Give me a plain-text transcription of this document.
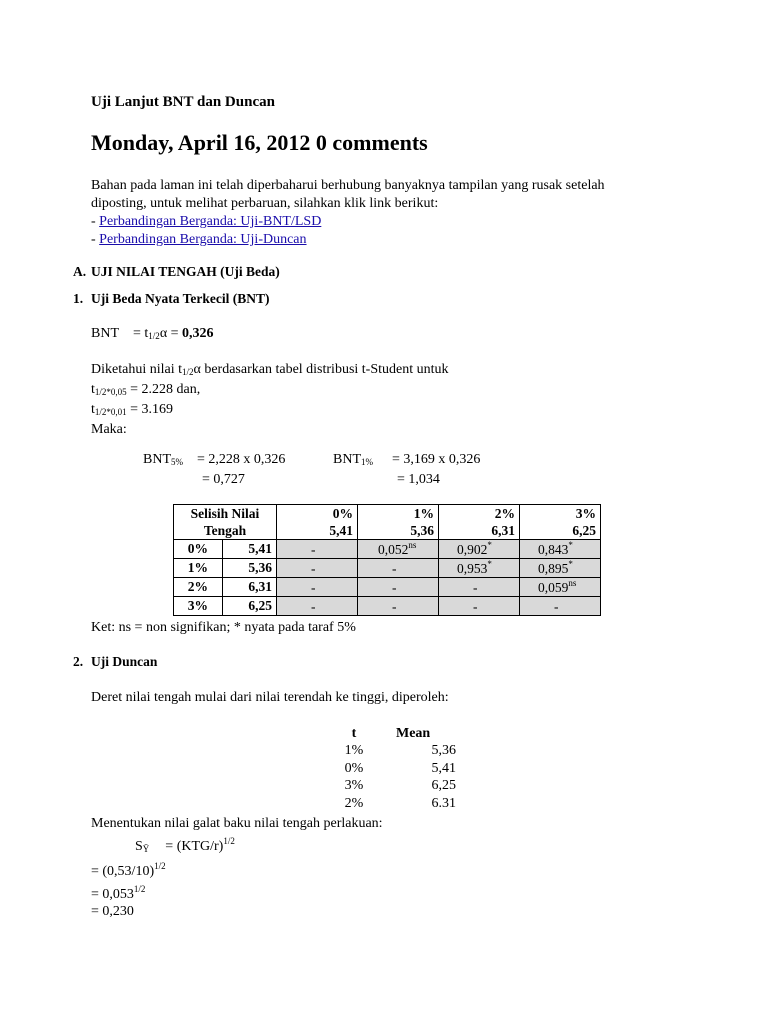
Uji Lanjut BNT dan Duncan
Monday, April 16, 2012 0 comments
Bahan pada laman ini telah diperbaharui berhubung banyaknya tampilan yang rusak setelah
diposting, untuk melihat perbaruan, silahkan klik link berikut:
- Perbandingan Berganda: Uji-BNT/LSD
- Perbandingan Berganda: Uji-Duncan
A. UJI NILAI TENGAH (Uji Beda)
1. Uji Beda Nyata Terkecil (BNT)
BNT = $t_{1/2}\alpha = 0,326$
Diketahui nilai $t_{1/2}\alpha$ berdasarkan tabel distribusi t-Student untuk
$t_{1/2*0,05} = 2.228$ dan,
$t_{1/2*0,01} = 3.169$
Maka:
$BNT_{5\%} = 2,228$ x 0,326
= 0,727
$BNT_{1\%} = 3,169$ x 0,326
= 1,034
Selisih Nilai		0%	1%	2%	3%
Tengah		5,41	5,36	6,31	6,25
0%	5,41	-	$0,052^{ns}$	0,902*	0,843*
1%	5,36	-	-	0,953*	0,895*
2%	6,31	-	-	-	$0,059^{ns}$
3%	6,25	-	-	-	-
Ket: ns = non signifikan; * nyata pada taraf 5%
2. Uji Duncan
Deret nilai tengah mulai dari nilai terendah ke tinggi, diperoleh:
t	Mean
1%	5,36
0%	5,41
3%	6,25
2%	6.31
Menentukan nilai galat baku nilai tengah perlakuan:
$S_Ȳ = (KTG/r)^{1/2}$
= $(0,53/10)^{1/2}$
= $0,053^{1/2}$
= 0,230
